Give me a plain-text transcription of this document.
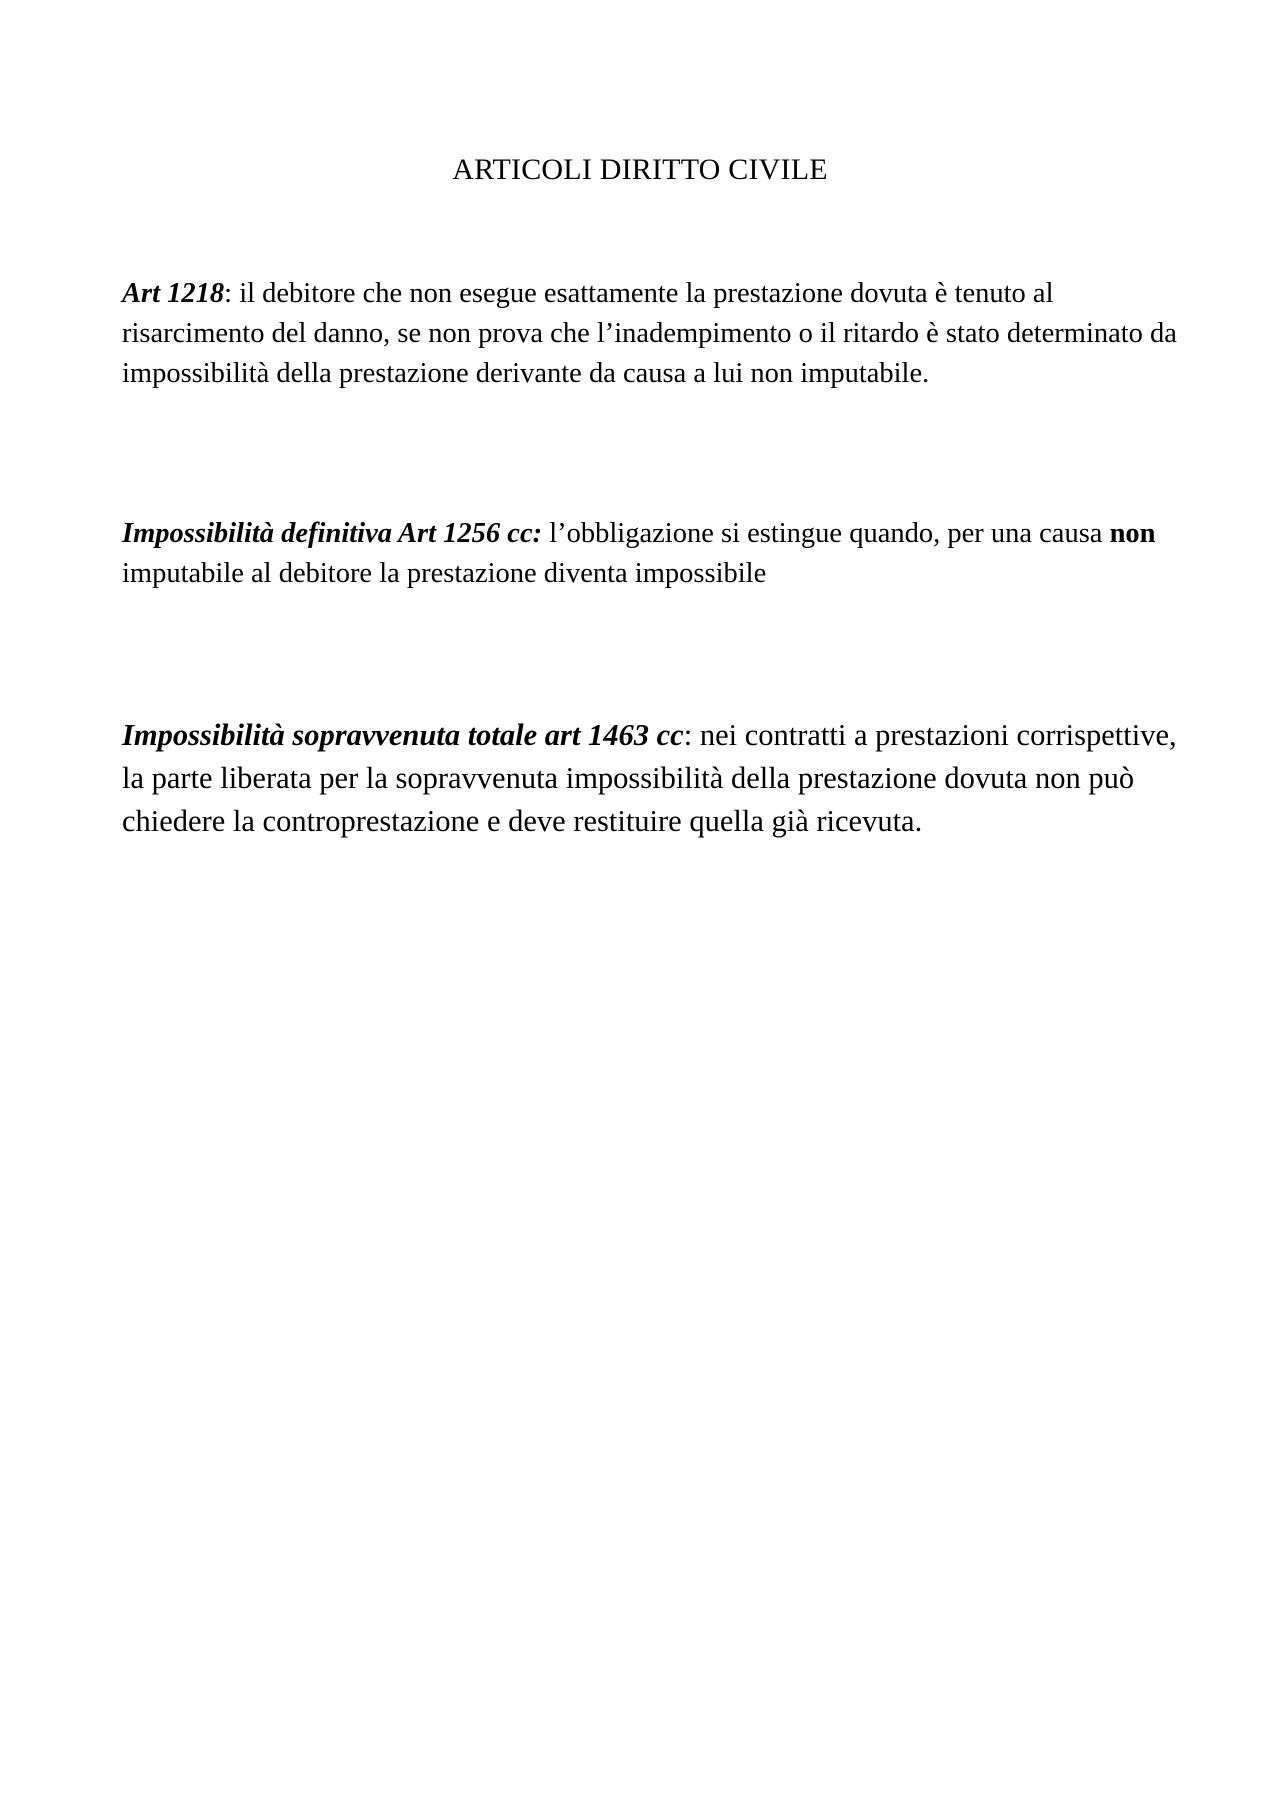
ARTICOLI DIRITTO CIVILE

Art 1218: il debitore che non esegue esattamente la prestazione dovuta è tenuto al risarcimento del danno, se non prova che l’inadempimento o il ritardo è stato determinato da impossibilità della prestazione derivante da causa a lui non imputabile.

Impossibilità definitiva Art 1256 cc: l’obbligazione si estingue quando, per una causa non imputabile al debitore la prestazione diventa impossibile

Impossibilità sopravvenuta totale art 1463 cc: nei contratti a prestazioni corrispettive, la parte liberata per la sopravvenuta impossibilità della prestazione dovuta non può chiedere la controprestazione e deve restituire quella già ricevuta.
